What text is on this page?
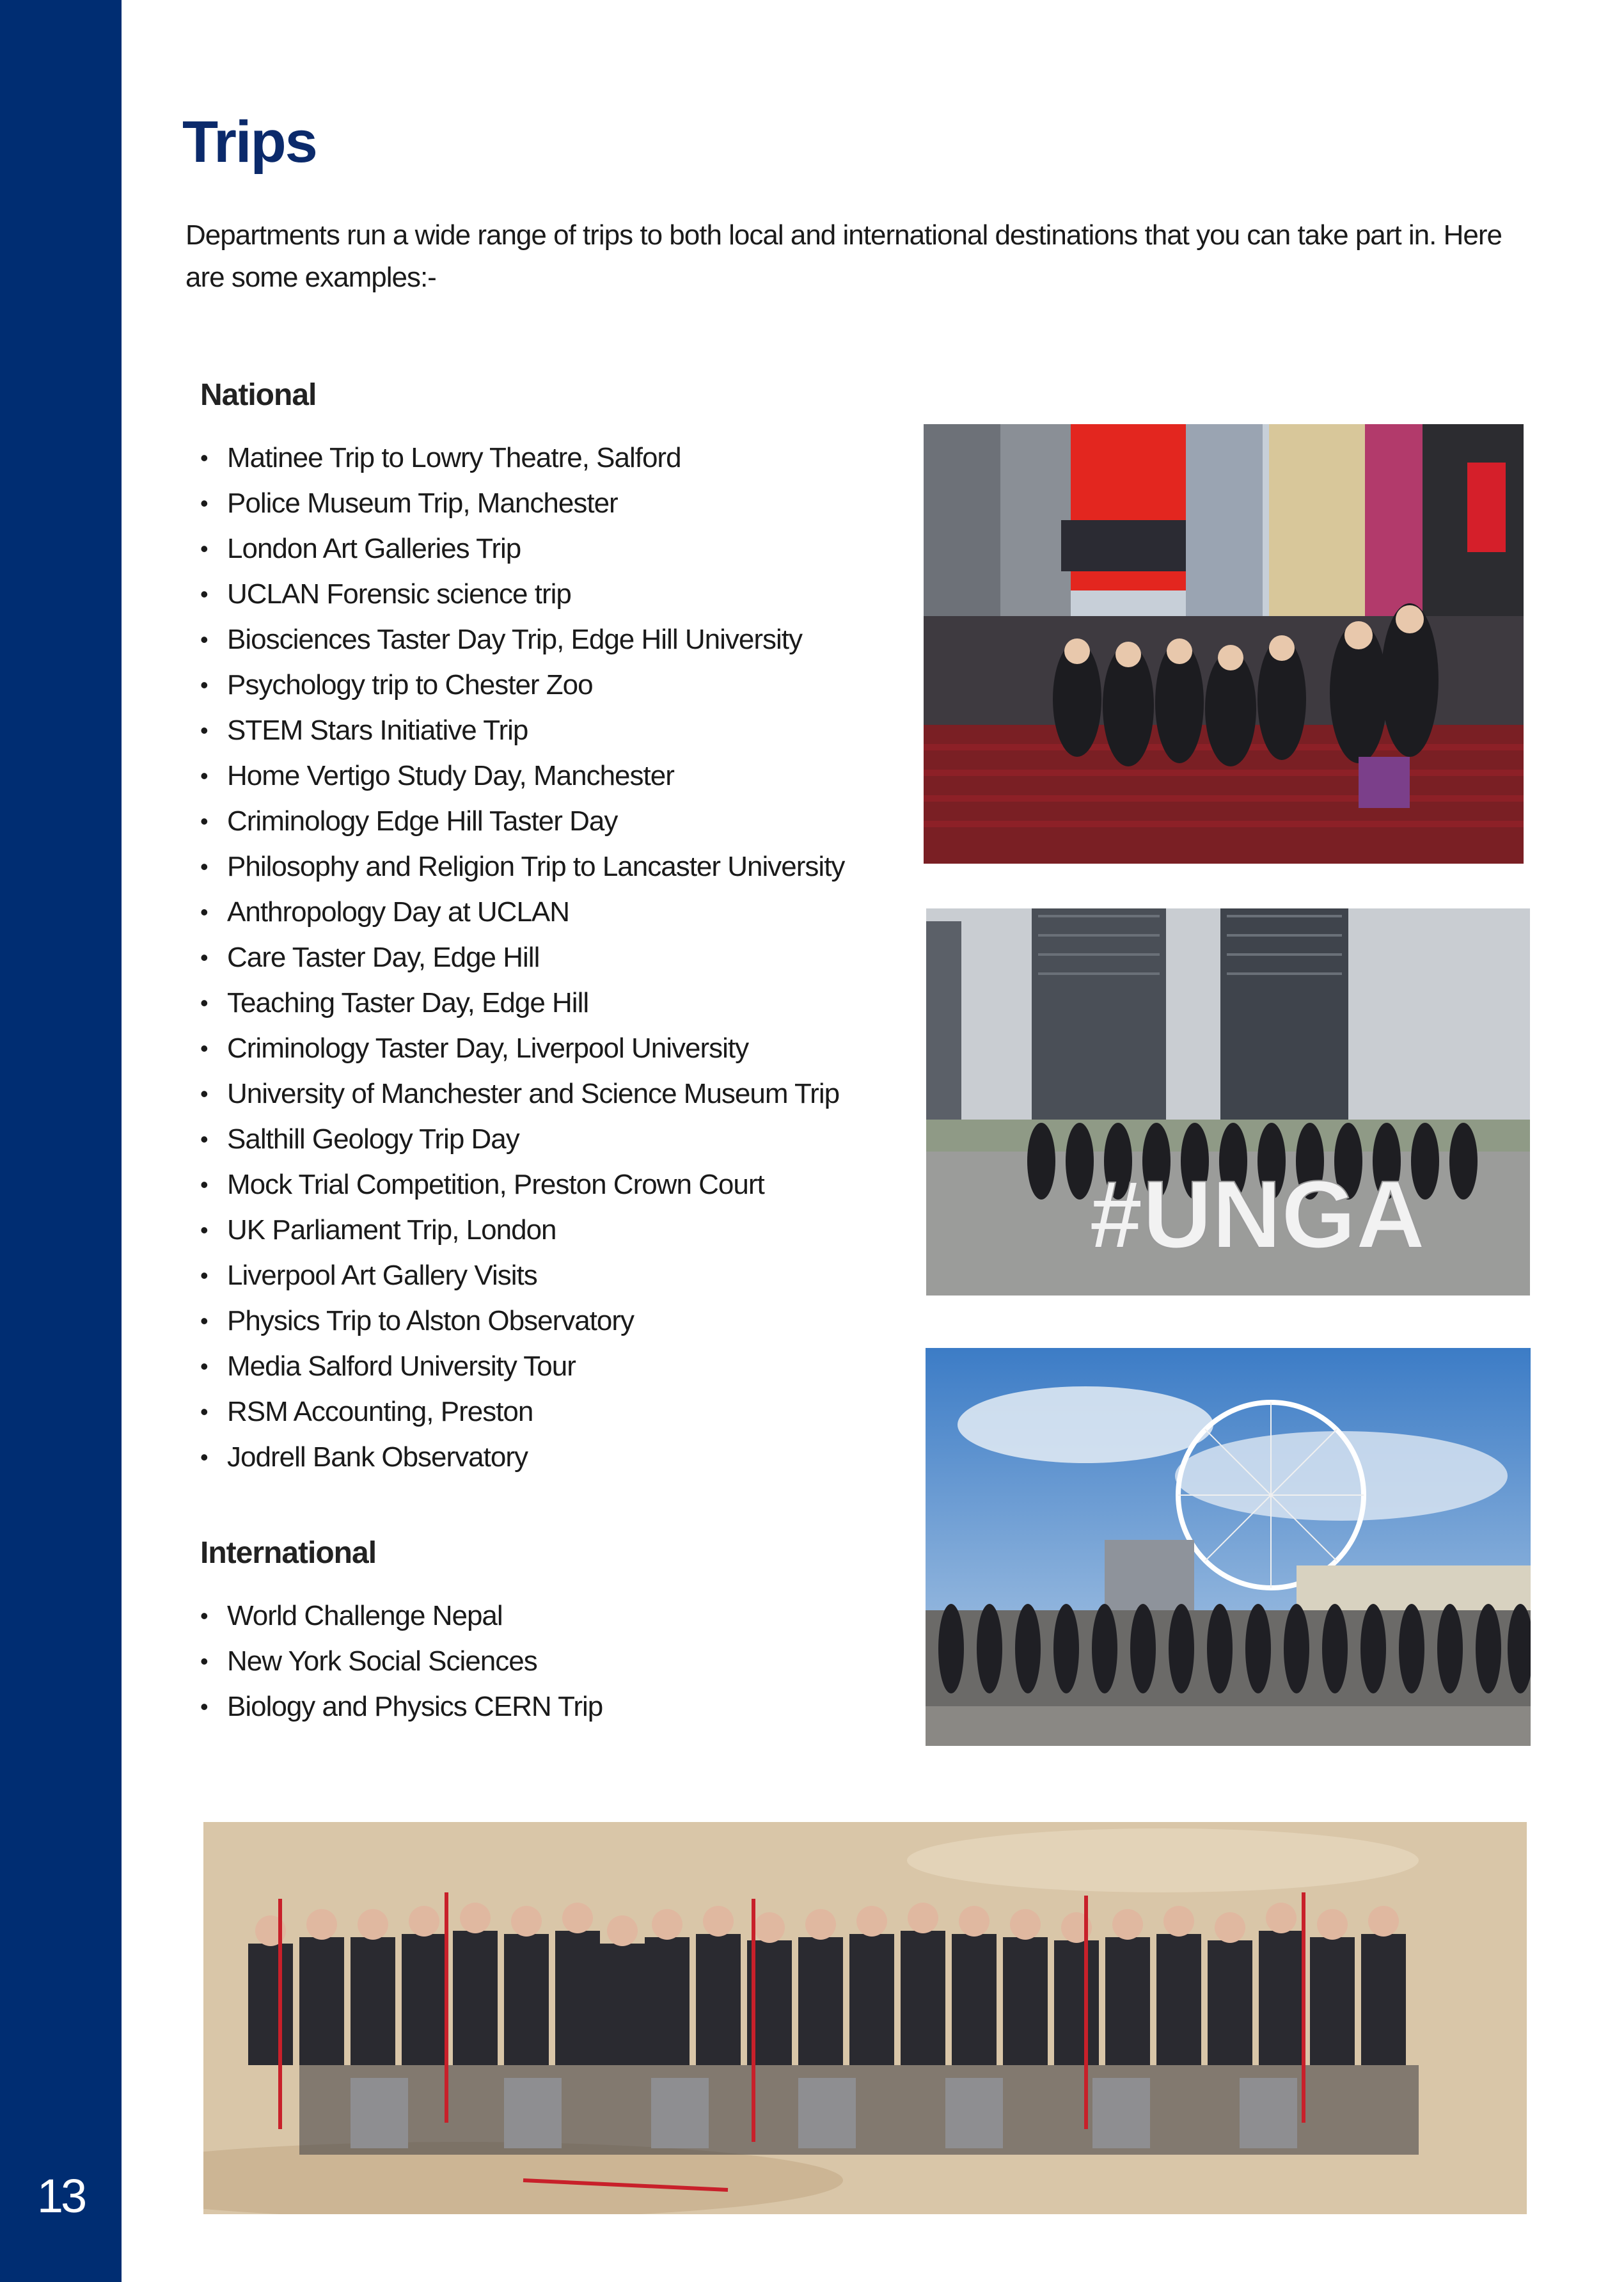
13
Trips

Departments run a wide range of trips to both local and international destinations that you can take part in. Here are some examples:-

National
• Matinee Trip to Lowry Theatre, Salford
• Police Museum Trip, Manchester
• London Art Galleries Trip
• UCLAN Forensic science trip
• Biosciences Taster Day Trip, Edge Hill University
• Psychology trip to Chester Zoo
• STEM Stars Initiative Trip
• Home Vertigo Study Day, Manchester
• Criminology Edge Hill Taster Day
• Philosophy and Religion Trip to Lancaster University
• Anthropology Day at UCLAN
• Care Taster Day, Edge Hill
• Teaching Taster Day, Edge Hill
• Criminology Taster Day, Liverpool University
• University of Manchester and Science Museum Trip
• Salthill Geology Trip Day
• Mock Trial Competition, Preston Crown Court
• UK Parliament Trip, London
• Liverpool Art Gallery Visits
• Physics Trip to Alston Observatory
• Media Salford University Tour
• RSM Accounting, Preston
• Jodrell Bank Observatory
International
• World Challenge Nepal
• New York Social Sciences
• Biology and Physics CERN Trip
#UNGA
